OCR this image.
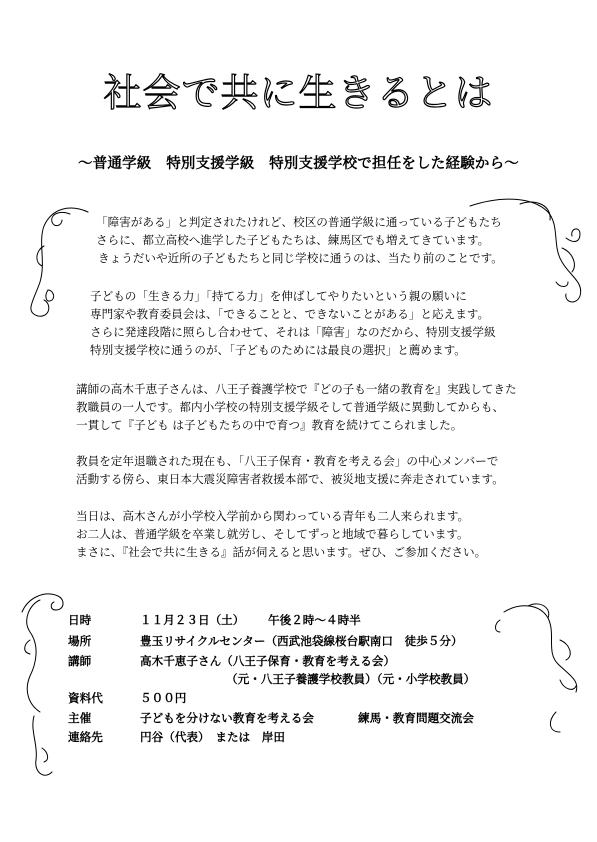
社会で共に生きるとは
～普通学級　特別支援学級　特別支援学校で担任をした経験から～
「障害がある」と判定されたけれど、校区の普通学級に通っている子どもたち
さらに、都立高校へ進学した子どもたちは、練馬区でも増えてきています。
きょうだいや近所の子どもたちと同じ学校に通うのは、当たり前のことです。
子どもの「生きる力」「持てる力」を伸ばしてやりたいという親の願いに
専門家や教育委員会は、「できることと、できないことがある」と応えます。
さらに発達段階に照らし合わせて、それは「障害」なのだから、特別支援学級
特別支援学校に通うのが、「子どものためには最良の選択」と薦めます。
講師の高木千恵子さんは、八王子養護学校で『どの子も一緒の教育を』実践してきた
教職員の一人です。都内小学校の特別支援学級そして普通学級に異動してからも、
一貫して『子ども は子どもたちの中で育つ』教育を続けてこられました。
教員を定年退職された現在も、「八王子保育・教育を考える会」の中心メンバーで
活動する傍ら、東日本大震災障害者救援本部で、被災地支援に奔走されています。
当日は、高木さんが小学校入学前から関わっている青年も二人来られます。
お二人は、普通学級を卒業し就労し、そしてずっと地域で暮らしています。
まさに、『社会で共に生きる』話が伺えると思います。ぜひ、ご参加ください。
日時	１１月２３日（土） 午後２時～４時半
場所	豊玉リサイクルセンター（西武池袋線桜台駅南口　徒歩５分）
講師	高木千恵子さん（八王子保育・教育を考える会）
（元・八王子養護学校教員）（元・小学校教員）
資料代	５００円
主催	子どもを分けない教育を考える会	練馬・教育問題交流会
連絡先	円谷（代表）　または　岸田
